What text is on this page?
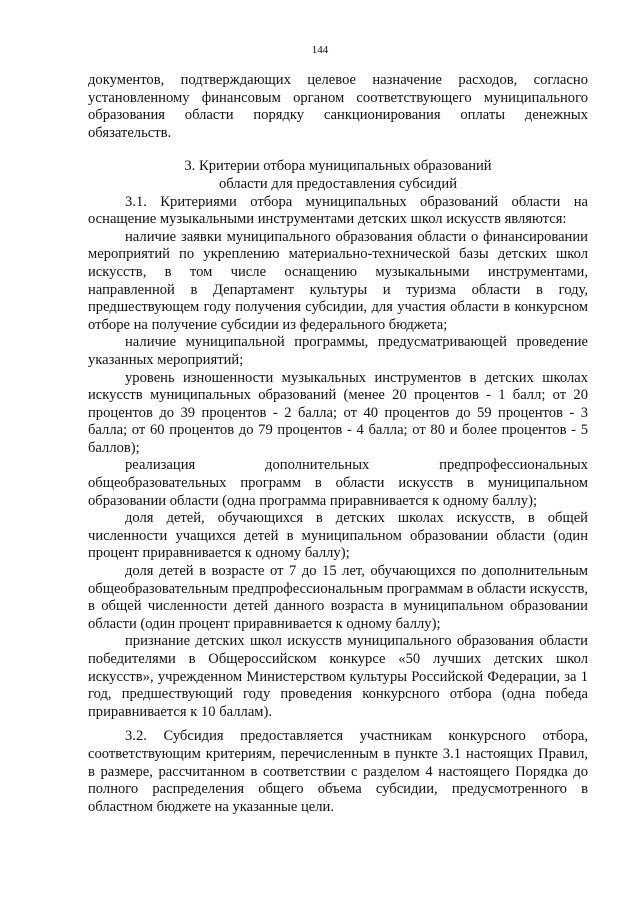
144

документов, подтверждающих целевое назначение расходов, согласно установленному финансовым органом соответствующего муниципального образования области порядку санкционирования оплаты денежных обязательств.

3. Критерии отбора муниципальных образований
области для предоставления субсидий

3.1. Критериями отбора муниципальных образований области на оснащение музыкальными инструментами детских школ искусств являются:

наличие заявки муниципального образования области о финансировании мероприятий по укреплению материально-технической базы детских школ искусств, в том числе оснащению музыкальными инструментами, направленной в Департамент культуры и туризма области в году, предшествующем году получения субсидии, для участия области в конкурсном отборе на получение субсидии из федерального бюджета;

наличие муниципальной программы, предусматривающей проведение указанных мероприятий;

уровень изношенности музыкальных инструментов в детских школах искусств муниципальных образований (менее 20 процентов - 1 балл; от 20 процентов до 39 процентов - 2 балла; от 40 процентов до 59 процентов - 3 балла; от 60 процентов до 79 процентов - 4 балла; от 80 и более процентов - 5 баллов);

реализация дополнительных предпрофессиональных общеобразовательных программ в области искусств в муниципальном образовании области (одна программа приравнивается к одному баллу);

доля детей, обучающихся в детских школах искусств, в общей численности учащихся детей в муниципальном образовании области (один процент приравнивается к одному баллу);

доля детей в возрасте от 7 до 15 лет, обучающихся по дополнительным общеобразовательным предпрофессиональным программам в области искусств, в общей численности детей данного возраста в муниципальном образовании области (один процент приравнивается к одному баллу);

признание детских школ искусств муниципального образования области победителями в Общероссийском конкурсе «50 лучших детских школ искусств», учрежденном Министерством культуры Российской Федерации, за 1 год, предшествующий году проведения конкурсного отбора (одна победа приравнивается к 10 баллам).

3.2. Субсидия предоставляется участникам конкурсного отбора, соответствующим критериям, перечисленным в пункте 3.1 настоящих Правил, в размере, рассчитанном в соответствии с разделом 4 настоящего Порядка до полного распределения общего объема субсидии, предусмотренного в областном бюджете на указанные цели.
